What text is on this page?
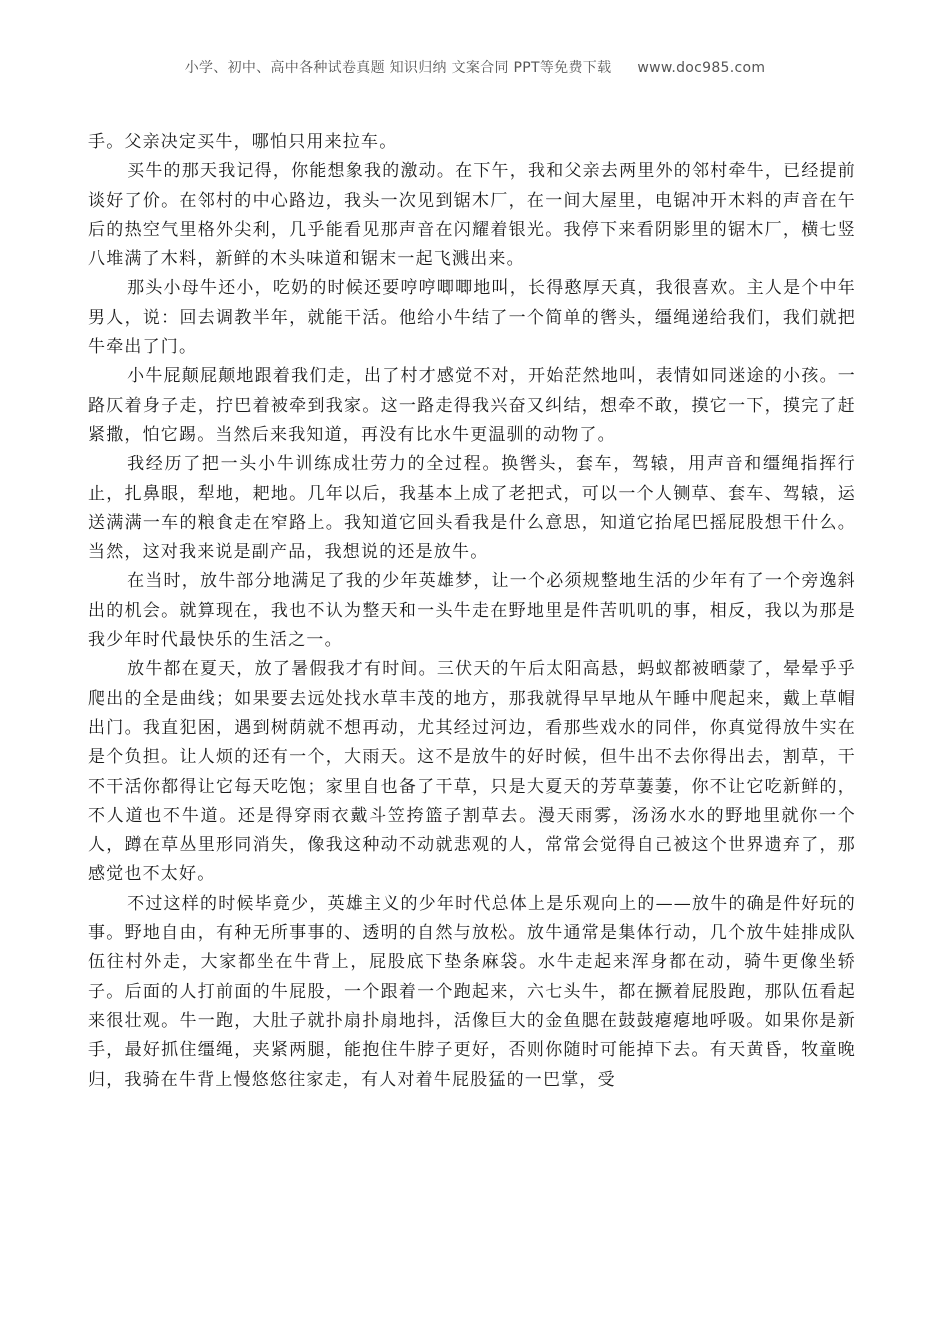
小学、初中、高中各种试卷真题 知识归纳 文案合同 PPT等免费下载 www.doc985.com

手。父亲决定买牛，哪怕只用来拉车。

买牛的那天我记得，你能想象我的激动。在下午，我和父亲去两里外的邻村牵牛，已经提前谈好了价。在邻村的中心路边，我头一次见到锯木厂，在一间大屋里，电锯冲开木料的声音在午后的热空气里格外尖利，几乎能看见那声音在闪耀着银光。我停下来看阴影里的锯木厂，横七竖八堆满了木料，新鲜的木头味道和锯末一起飞溅出来。

那头小母牛还小，吃奶的时候还要哼哼唧唧地叫，长得憨厚天真，我很喜欢。主人是个中年男人，说：回去调教半年，就能干活。他给小牛结了一个简单的辔头，缰绳递给我们，我们就把牛牵出了门。

小牛屁颠屁颠地跟着我们走，出了村才感觉不对，开始茫然地叫，表情如同迷途的小孩。一路仄着身子走，拧巴着被牵到我家。这一路走得我兴奋又纠结，想牵不敢，摸它一下，摸完了赶紧撒，怕它踢。当然后来我知道，再没有比水牛更温驯的动物了。

我经历了把一头小牛训练成壮劳力的全过程。换辔头，套车，驾辕，用声音和缰绳指挥行止，扎鼻眼，犁地，耙地。几年以后，我基本上成了老把式，可以一个人铡草、套车、驾辕，运送满满一车的粮食走在窄路上。我知道它回头看我是什么意思，知道它抬尾巴摇屁股想干什么。当然，这对我来说是副产品，我想说的还是放牛。

在当时，放牛部分地满足了我的少年英雄梦，让一个必须规整地生活的少年有了一个旁逸斜出的机会。就算现在，我也不认为整天和一头牛走在野地里是件苦叽叽的事，相反，我以为那是我少年时代最快乐的生活之一。

放牛都在夏天，放了暑假我才有时间。三伏天的午后太阳高悬，蚂蚁都被晒蒙了，晕晕乎乎爬出的全是曲线；如果要去远处找水草丰茂的地方，那我就得早早地从午睡中爬起来，戴上草帽出门。我直犯困，遇到树荫就不想再动，尤其经过河边，看那些戏水的同伴，你真觉得放牛实在是个负担。让人烦的还有一个，大雨天。这不是放牛的好时候，但牛出不去你得出去，割草，干不干活你都得让它每天吃饱；家里自也备了干草，只是大夏天的芳草萋萋，你不让它吃新鲜的，不人道也不牛道。还是得穿雨衣戴斗笠挎篮子割草去。漫天雨雾，汤汤水水的野地里就你一个人，蹲在草丛里形同消失，像我这种动不动就悲观的人，常常会觉得自己被这个世界遗弃了，那感觉也不太好。

不过这样的时候毕竟少，英雄主义的少年时代总体上是乐观向上的——放牛的确是件好玩的事。野地自由，有种无所事事的、透明的自然与放松。放牛通常是集体行动，几个放牛娃排成队伍往村外走，大家都坐在牛背上，屁股底下垫条麻袋。水牛走起来浑身都在动，骑牛更像坐轿子。后面的人打前面的牛屁股，一个跟着一个跑起来，六七头牛，都在撅着屁股跑，那队伍看起来很壮观。牛一跑，大肚子就扑扇扑扇地抖，活像巨大的金鱼腮在鼓鼓瘪瘪地呼吸。如果你是新手，最好抓住缰绳，夹紧两腿，能抱住牛脖子更好，否则你随时可能掉下去。有天黄昏，牧童晚归，我骑在牛背上慢悠悠往家走，有人对着牛屁股猛的一巴掌，受
